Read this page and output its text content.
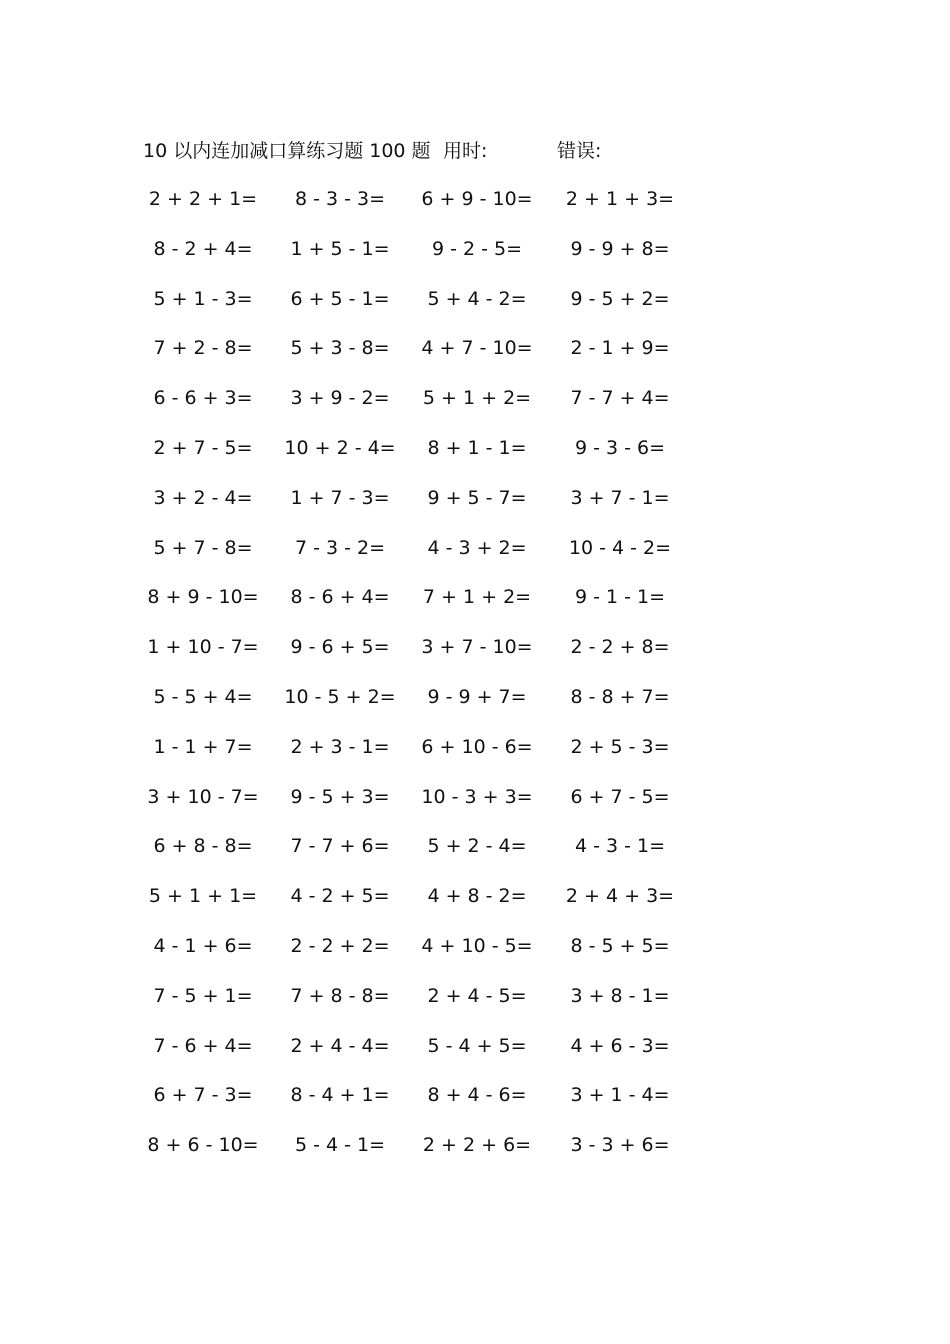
10 以内连加减口算练习题 100 题 用时:	错误:
2 + 2 + 1=	8 - 3 - 3=	6 + 9 - 10=	2 + 1 + 3=
8 - 2 + 4=	1 + 5 - 1=	9 - 2 - 5=	9 - 9 + 8=
5 + 1 - 3=	6 + 5 - 1=	5 + 4 - 2=	9 - 5 + 2=
7 + 2 - 8=	5 + 3 - 8=	4 + 7 - 10=	2 - 1 + 9=
6 - 6 + 3=	3 + 9 - 2=	5 + 1 + 2=	7 - 7 + 4=
2 + 7 - 5=	10 + 2 - 4=	8 + 1 - 1=	9 - 3 - 6=
3 + 2 - 4=	1 + 7 - 3=	9 + 5 - 7=	3 + 7 - 1=
5 + 7 - 8=	7 - 3 - 2=	4 - 3 + 2=	10 - 4 - 2=
8 + 9 - 10=	8 - 6 + 4=	7 + 1 + 2=	9 - 1 - 1=
1 + 10 - 7=	9 - 6 + 5=	3 + 7 - 10=	2 - 2 + 8=
5 - 5 + 4=	10 - 5 + 2=	9 - 9 + 7=	8 - 8 + 7=
1 - 1 + 7=	2 + 3 - 1=	6 + 10 - 6=	2 + 5 - 3=
3 + 10 - 7=	9 - 5 + 3=	10 - 3 + 3=	6 + 7 - 5=
6 + 8 - 8=	7 - 7 + 6=	5 + 2 - 4=	4 - 3 - 1=
5 + 1 + 1=	4 - 2 + 5=	4 + 8 - 2=	2 + 4 + 3=
4 - 1 + 6=	2 - 2 + 2=	4 + 10 - 5=	8 - 5 + 5=
7 - 5 + 1=	7 + 8 - 8=	2 + 4 - 5=	3 + 8 - 1=
7 - 6 + 4=	2 + 4 - 4=	5 - 4 + 5=	4 + 6 - 3=
6 + 7 - 3=	8 - 4 + 1=	8 + 4 - 6=	3 + 1 - 4=
8 + 6 - 10=	5 - 4 - 1=	2 + 2 + 6=	3 - 3 + 6=
